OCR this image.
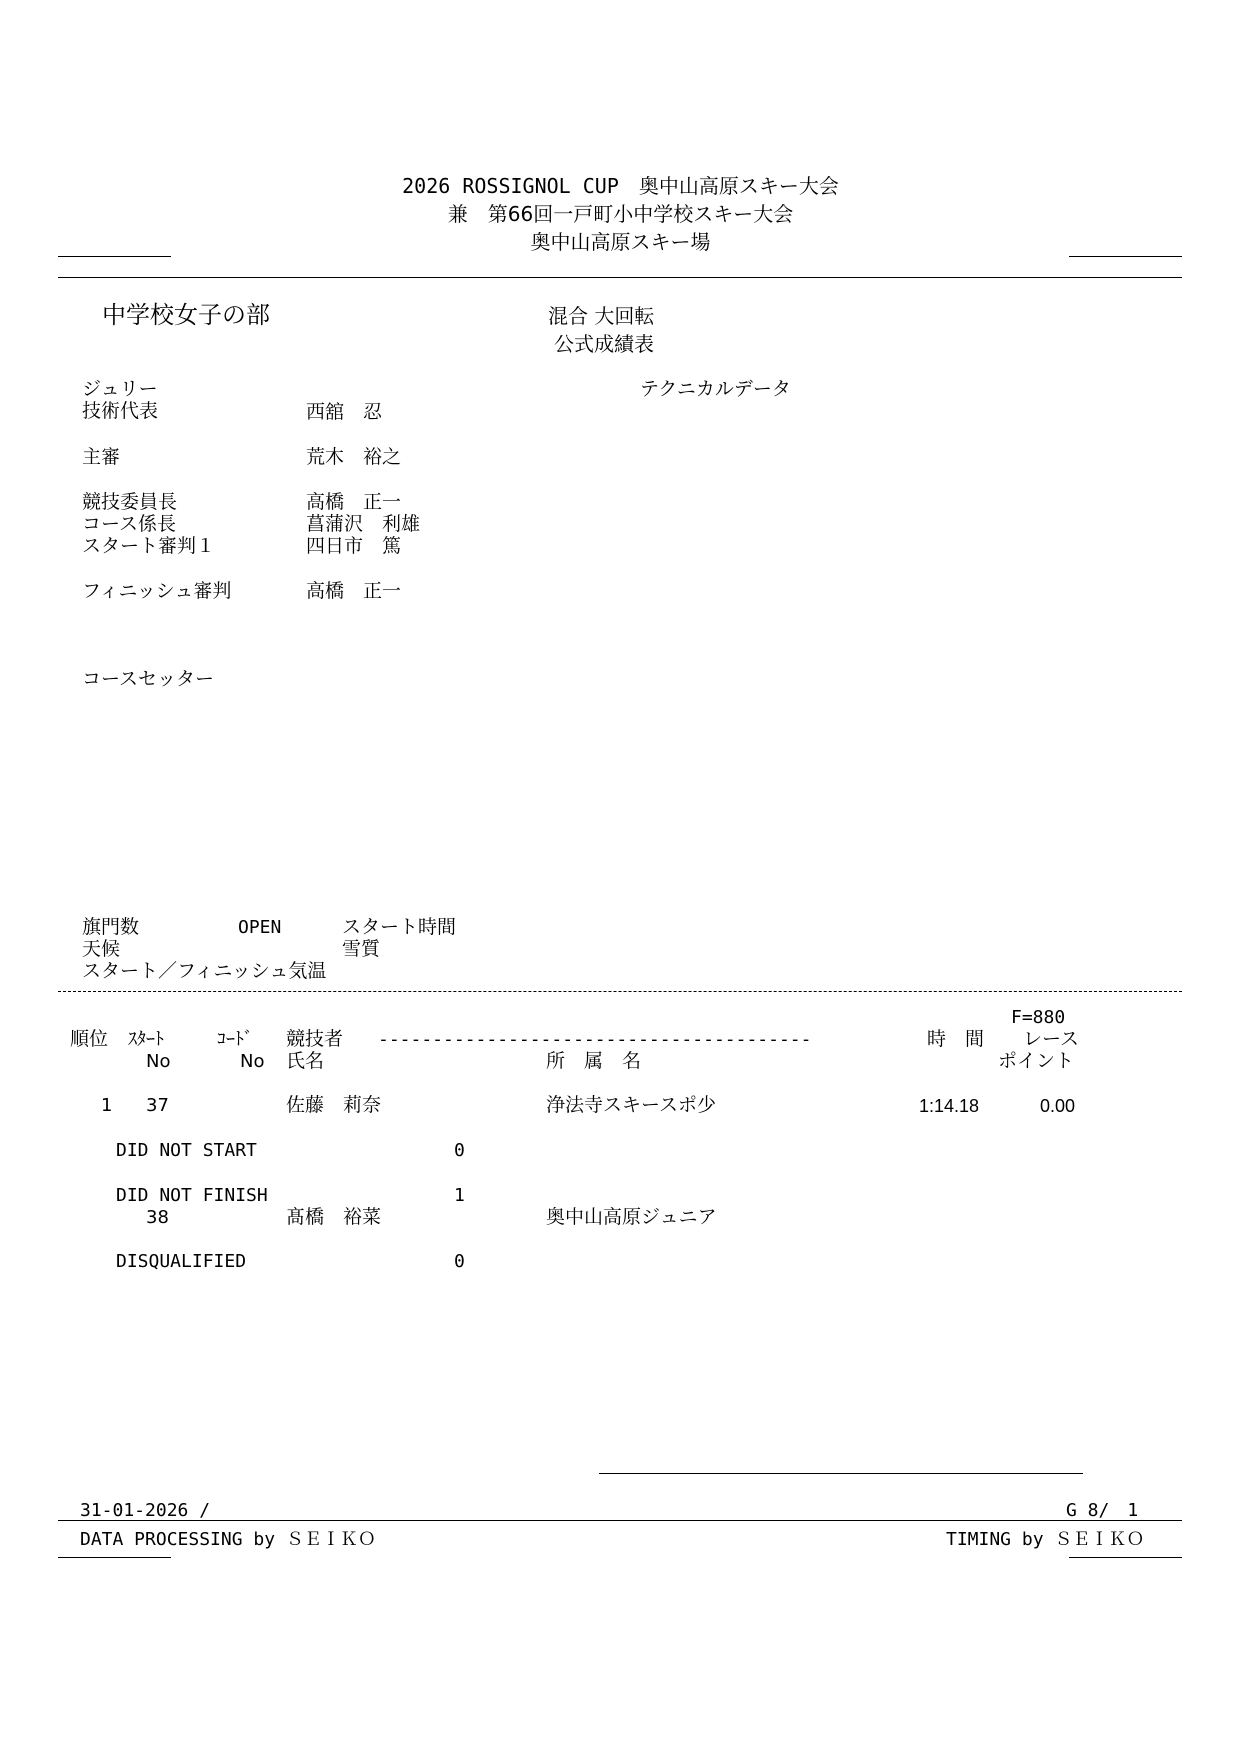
2026 ROSSIGNOL CUP　奥中山高原スキー大会
兼　第66回一戸町小中学校スキー大会
奥中山高原スキー場
中学校女子の部	混合 大回転
公式成績表
ジュリー	テクニカルデータ
技術代表	西舘　忍
主審	荒木　裕之
競技委員長	高橋　正一
コース係長	菖蒲沢　利雄
スタート審判１	四日市　篤
フィニッシュ審判	高橋　正一
コースセッター
旗門数	OPEN	スタート時間
天候	雪質
スタート／フィニッシュ気温
F=880
順位 ｽﾀｰﾄ	ｺｰﾄﾞ 競技者 ----------------------------------------	時　間 レース
No	No 氏名	所　属　名	ポイント
1 37	佐藤　莉奈	浄法寺スキースポ少	1:14.18	0.00
DID NOT START	0
DID NOT FINISH	1
38	髙橋　裕菜	奥中山高原ジュニア
DISQUALIFIED	0
31-01-2026 /	G 8/　1
DATA PROCESSING by ＳＥＩＫＯ	TIMING by ＳＥＩＫＯ
